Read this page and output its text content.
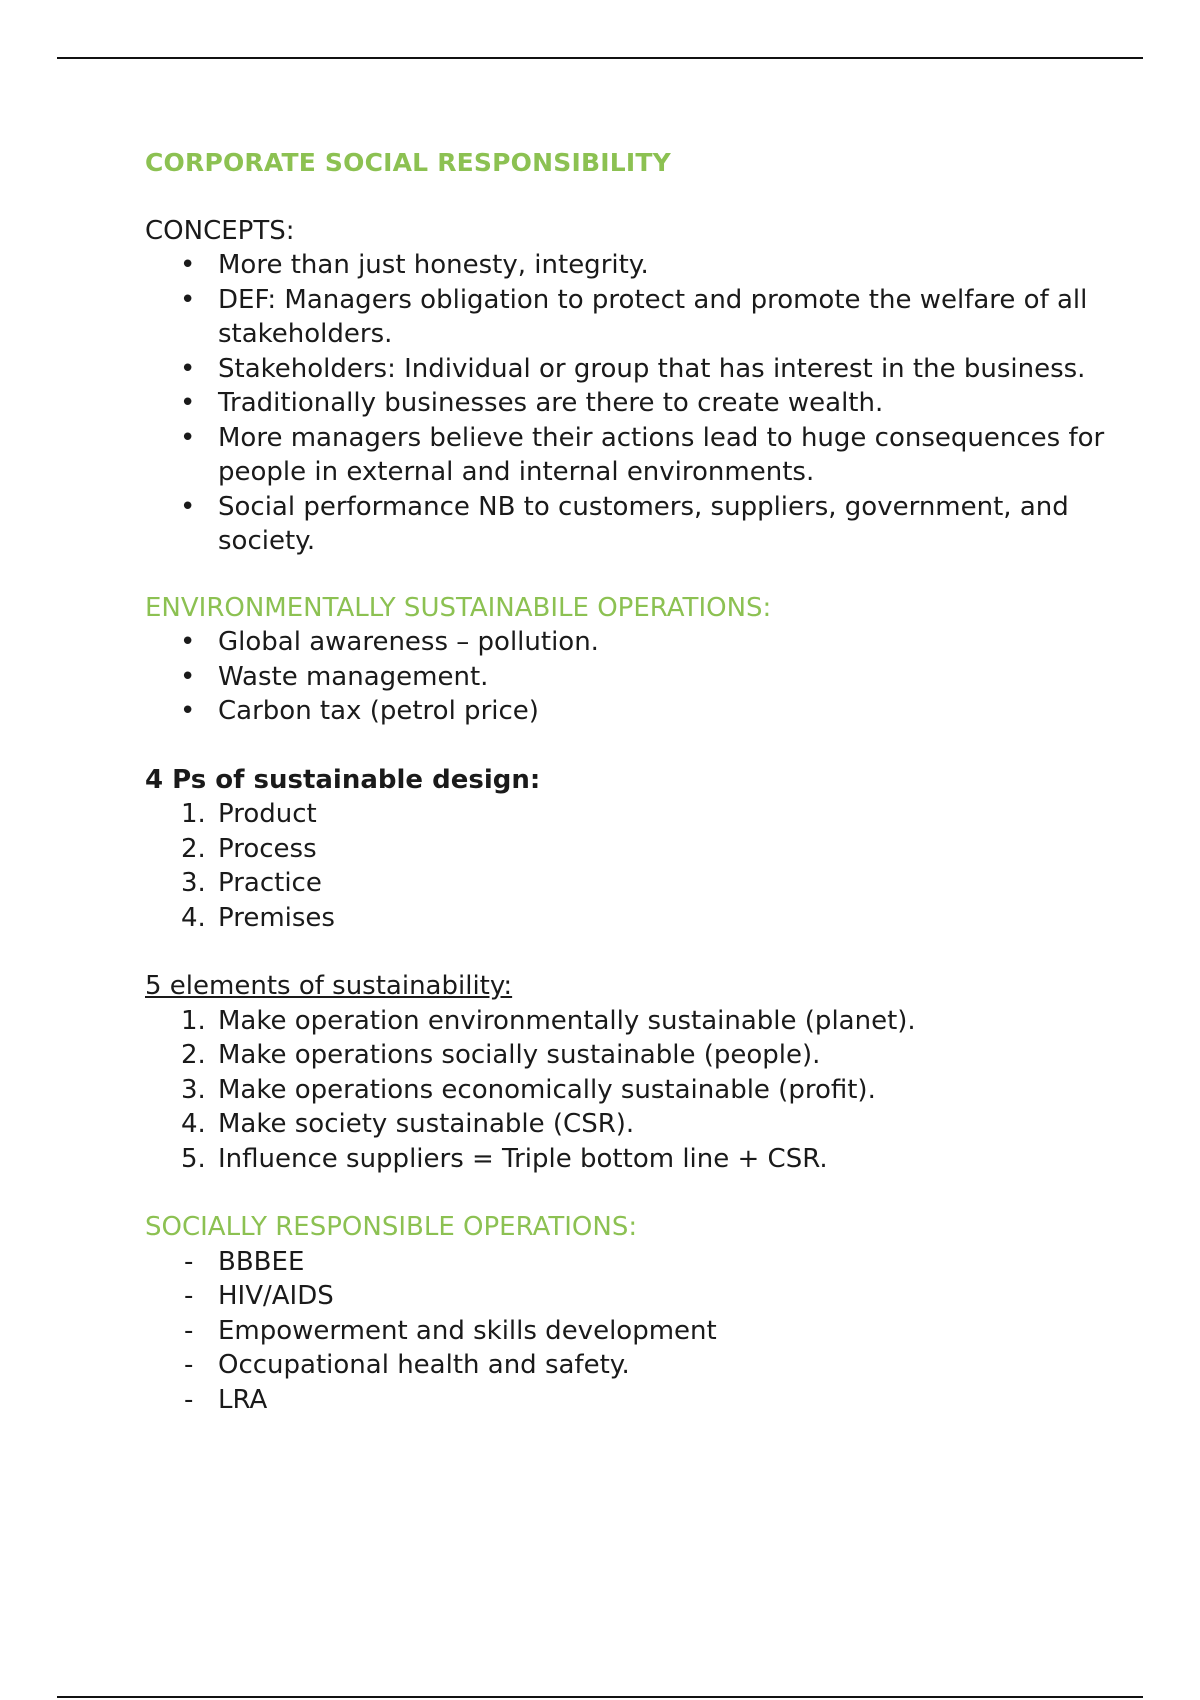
CORPORATE SOCIAL RESPONSIBILITY
CONCEPTS:
• More than just honesty, integrity.
• DEF: Managers obligation to protect and promote the welfare of all stakeholders.
• Stakeholders: Individual or group that has interest in the business.
• Traditionally businesses are there to create wealth.
• More managers believe their actions lead to huge consequences for people in external and internal environments.
• Social performance NB to customers, suppliers, government, and society.
ENVIRONMENTALLY SUSTAINABILE OPERATIONS:
• Global awareness – pollution.
• Waste management.
• Carbon tax (petrol price)
4 Ps of sustainable design:
1. Product
2. Process
3. Practice
4. Premises
5 elements of sustainability:
1. Make operation environmentally sustainable (planet).
2. Make operations socially sustainable (people).
3. Make operations economically sustainable (profit).
4. Make society sustainable (CSR).
5. Influence suppliers = Triple bottom line + CSR.
SOCIALLY RESPONSIBLE OPERATIONS:
- BBBEE
- HIV/AIDS
- Empowerment and skills development
- Occupational health and safety.
- LRA
